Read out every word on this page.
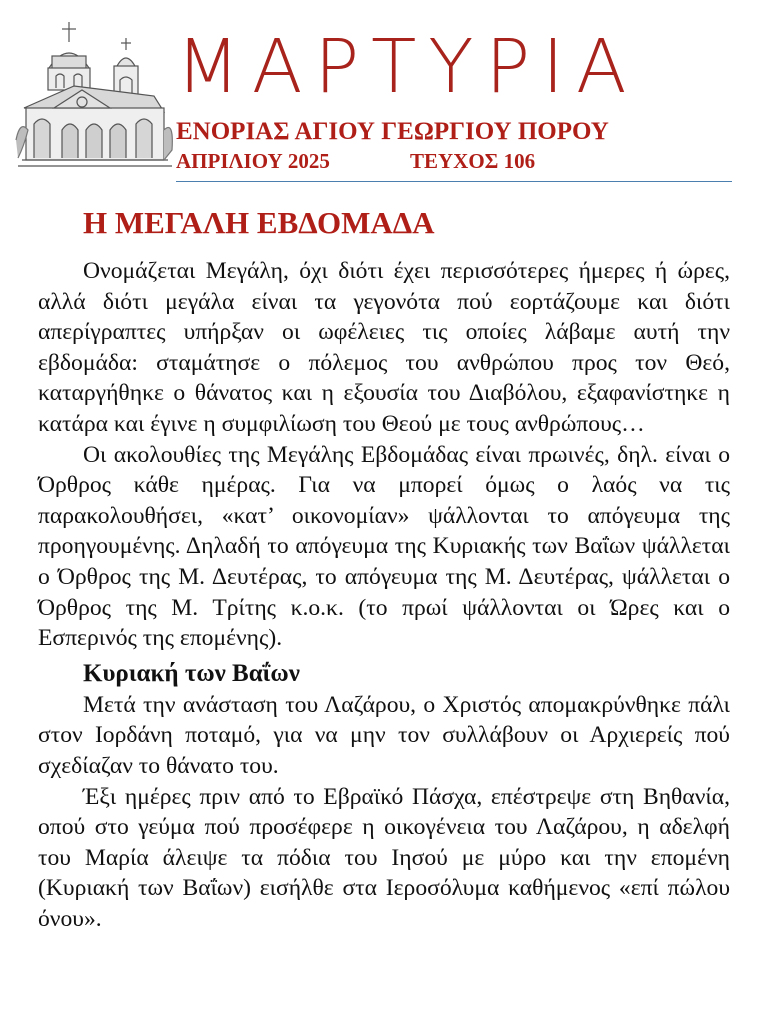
ΜΑΡΤΥΡΙΑ
ΕΝΟΡΙΑΣ ΑΓΙΟΥ ΓΕΩΡΓΙΟΥ ΠΟΡΟΥ
ΑΠΡΙΛΙΟΥ 2025	ΤΕΥΧΟΣ 106
Η ΜΕΓΑΛΗ ΕΒΔΟΜΑΔΑ

Ονομάζεται Μεγάλη, όχι διότι έχει περισσότερες ήμερες ή ώρες, αλλά διότι μεγάλα είναι τα γεγονότα πού εορτάζουμε και διότι απερίγραπτες υπήρξαν οι ωφέλειες τις οποίες λάβαμε αυτή την εβδομάδα: σταμάτησε ο πόλεμος του ανθρώπου προς τον Θεό, καταργήθηκε ο θάνατος και η εξουσία του Διαβόλου, εξαφανίστηκε η κατάρα και έγινε η συμφιλίωση του Θεού με τους ανθρώπους…

Οι ακολουθίες της Μεγάλης Εβδομάδας είναι πρωινές, δηλ. είναι ο Όρθρος κάθε ημέρας. Για να μπορεί όμως ο λαός να τις παρακολουθήσει, «κατ’ οικονομίαν» ψάλλονται το απόγευμα της προηγουμένης. Δηλαδή το απόγευμα της Κυριακής των Βαΐων ψάλλεται ο Όρθρος της Μ. Δευτέρας, το απόγευμα της Μ. Δευτέρας, ψάλλεται ο Όρθρος της Μ. Τρίτης κ.ο.κ. (το πρωί ψάλλονται οι Ώρες και ο Εσπερινός της επομένης).

Κυριακή των Βαΐων

Μετά την ανάσταση του Λαζάρου, ο Χριστός απομακρύνθηκε πάλι στον Ιορδάνη ποταμό, για να μην τον συλλάβουν οι Αρχιερείς πού σχεδίαζαν το θάνατο του.

Έξι ημέρες πριν από το Εβραϊκό Πάσχα, επέστρεψε στη Βηθανία, οπού στο γεύμα πού προσέφερε η οικογένεια του Λαζάρου, η αδελφή του Μαρία άλειψε τα πόδια του Ιησού με μύρο και την επομένη (Κυριακή των Βαΐων) εισήλθε στα Ιεροσόλυμα καθήμενος «επί πώλου όνου».
